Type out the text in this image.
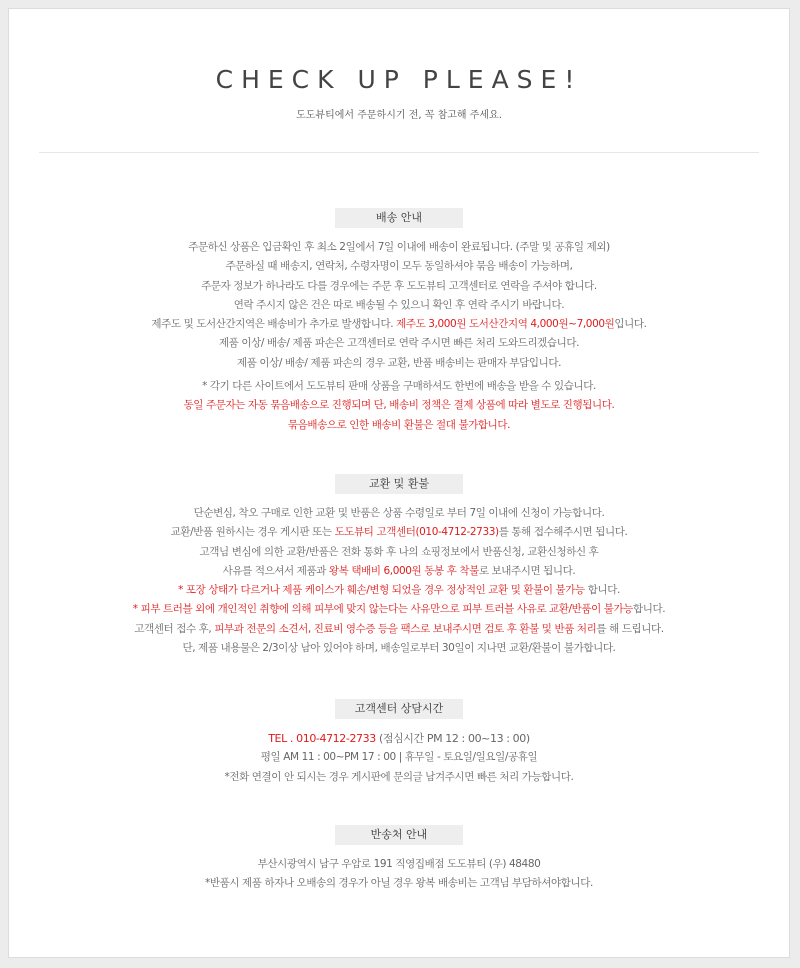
CHECK UP PLEASE!
도도뷰티에서 주문하시기 전, 꼭 참고해 주세요.
배송 안내
주문하신 상품은 입금확인 후 최소 2일에서 7일 이내에 배송이 완료됩니다. (주말 및 공휴일 제외)
주문하실 때 배송지, 연락처, 수령자명이 모두 동일하셔야 묶음 배송이 가능하며,
주문자 정보가 하나라도 다를 경우에는 주문 후 도도뷰티 고객센터로 연락을 주셔야 합니다.
연락 주시지 않은 건은 따로 배송될 수 있으니 확인 후 연락 주시기 바랍니다.
제주도 및 도서산간지역은 배송비가 추가로 발생합니다. 제주도 3,000원 도서산간지역 4,000원~7,000원입니다.
제품 이상/ 배송/ 제품 파손은 고객센터로 연락 주시면 빠른 처리 도와드리겠습니다.
제품 이상/ 배송/ 제품 파손의 경우 교환, 반품 배송비는 판매자 부담입니다.
* 각기 다른 사이트에서 도도뷰티 판매 상품을 구매하셔도 한번에 배송을 받을 수 있습니다.
동일 주문자는 자동 묶음배송으로 진행되며 단, 배송비 정책은 결제 상품에 따라 별도로 진행됩니다.
묶음배송으로 인한 배송비 환불은 절대 불가합니다.
교환 및 환불
단순변심, 착오 구매로 인한 교환 및 반품은 상품 수령일로 부터 7일 이내에 신청이 가능합니다.
교환/반품 원하시는 경우 게시판 또는 도도뷰티 고객센터(010-4712-2733)를 통해 접수해주시면 됩니다.
고객님 변심에 의한 교환/반품은 전화 통화 후 나의 쇼핑정보에서 반품신청, 교환신청하신 후
사유를 적으셔서 제품과 왕복 택배비 6,000원 동봉 후 착불로 보내주시면 됩니다.
* 포장 상태가 다르거나 제품 케이스가 훼손/변형 되었을 경우 정상적인 교환 및 환불이 불가능 합니다.
* 피부 트러블 외에 개인적인 취향에 의해 피부에 맞지 않는다는 사유만으로 피부 트러블 사유로 교환/반품이 불가능합니다.
고객센터 접수 후, 피부과 전문의 소견서, 진료비 영수증 등을 팩스로 보내주시면 검토 후 환불 및 반품 처리를 해 드립니다.
단, 제품 내용물은 2/3이상 남아 있어야 하며, 배송일로부터 30일이 지나면 교환/환불이 불가합니다.
고객센터 상담시간
TEL . 010-4712-2733 (점심시간 PM 12 : 00~13 : 00)
평일 AM 11 : 00~PM 17 : 00 | 휴무일 - 토요일/일요일/공휴일
*전화 연결이 안 되시는 경우 게시판에 문의글 남겨주시면 빠른 처리 가능합니다.
반송처 안내
부산시광역시 남구 우암로 191 직영집배점 도도뷰티 (우) 48480
*반품시 제품 하자나 오배송의 경우가 아닐 경우 왕복 배송비는 고객님 부담하셔야합니다.
